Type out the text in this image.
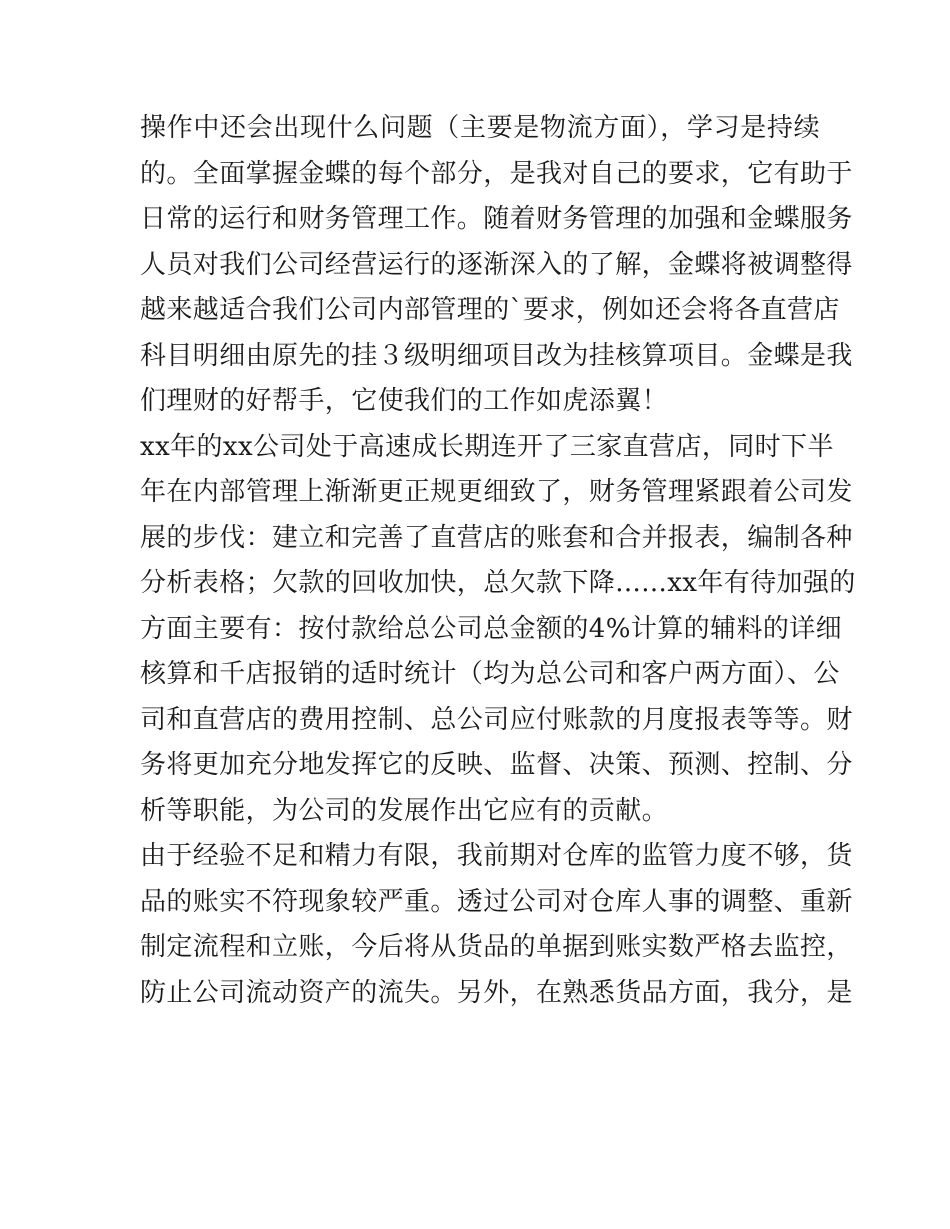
操作中还会出现什么问题（主要是物流方面），学习是持续
的。全面掌握金蝶的每个部分，是我对自己的要求，它有助于
日常的运行和财务管理工作。随着财务管理的加强和金蝶服务
人员对我们公司经营运行的逐渐深入的了解，金蝶将被调整得
越来越适合我们公司内部管理的`要求，例如还会将各直营店
科目明细由原先的挂３级明细项目改为挂核算项目。金蝶是我
们理财的好帮手，它使我们的工作如虎添翼！
xx年的xx公司处于高速成长期连开了三家直营店，同时下半
年在内部管理上渐渐更正规更细致了，财务管理紧跟着公司发
展的步伐：建立和完善了直营店的账套和合并报表，编制各种
分析表格；欠款的回收加快，总欠款下降......xx年有待加强的
方面主要有：按付款给总公司总金额的4%计算的辅料的详细
核算和千店报销的适时统计（均为总公司和客户两方面）、公
司和直营店的费用控制、总公司应付账款的月度报表等等。财
务将更加充分地发挥它的反映、监督、决策、预测、控制、分
析等职能，为公司的发展作出它应有的贡献。
由于经验不足和精力有限，我前期对仓库的监管力度不够，货
品的账实不符现象较严重。透过公司对仓库人事的调整、重新
制定流程和立账，今后将从货品的单据到账实数严格去监控，
防止公司流动资产的流失。另外，在熟悉货品方面，我分，是
